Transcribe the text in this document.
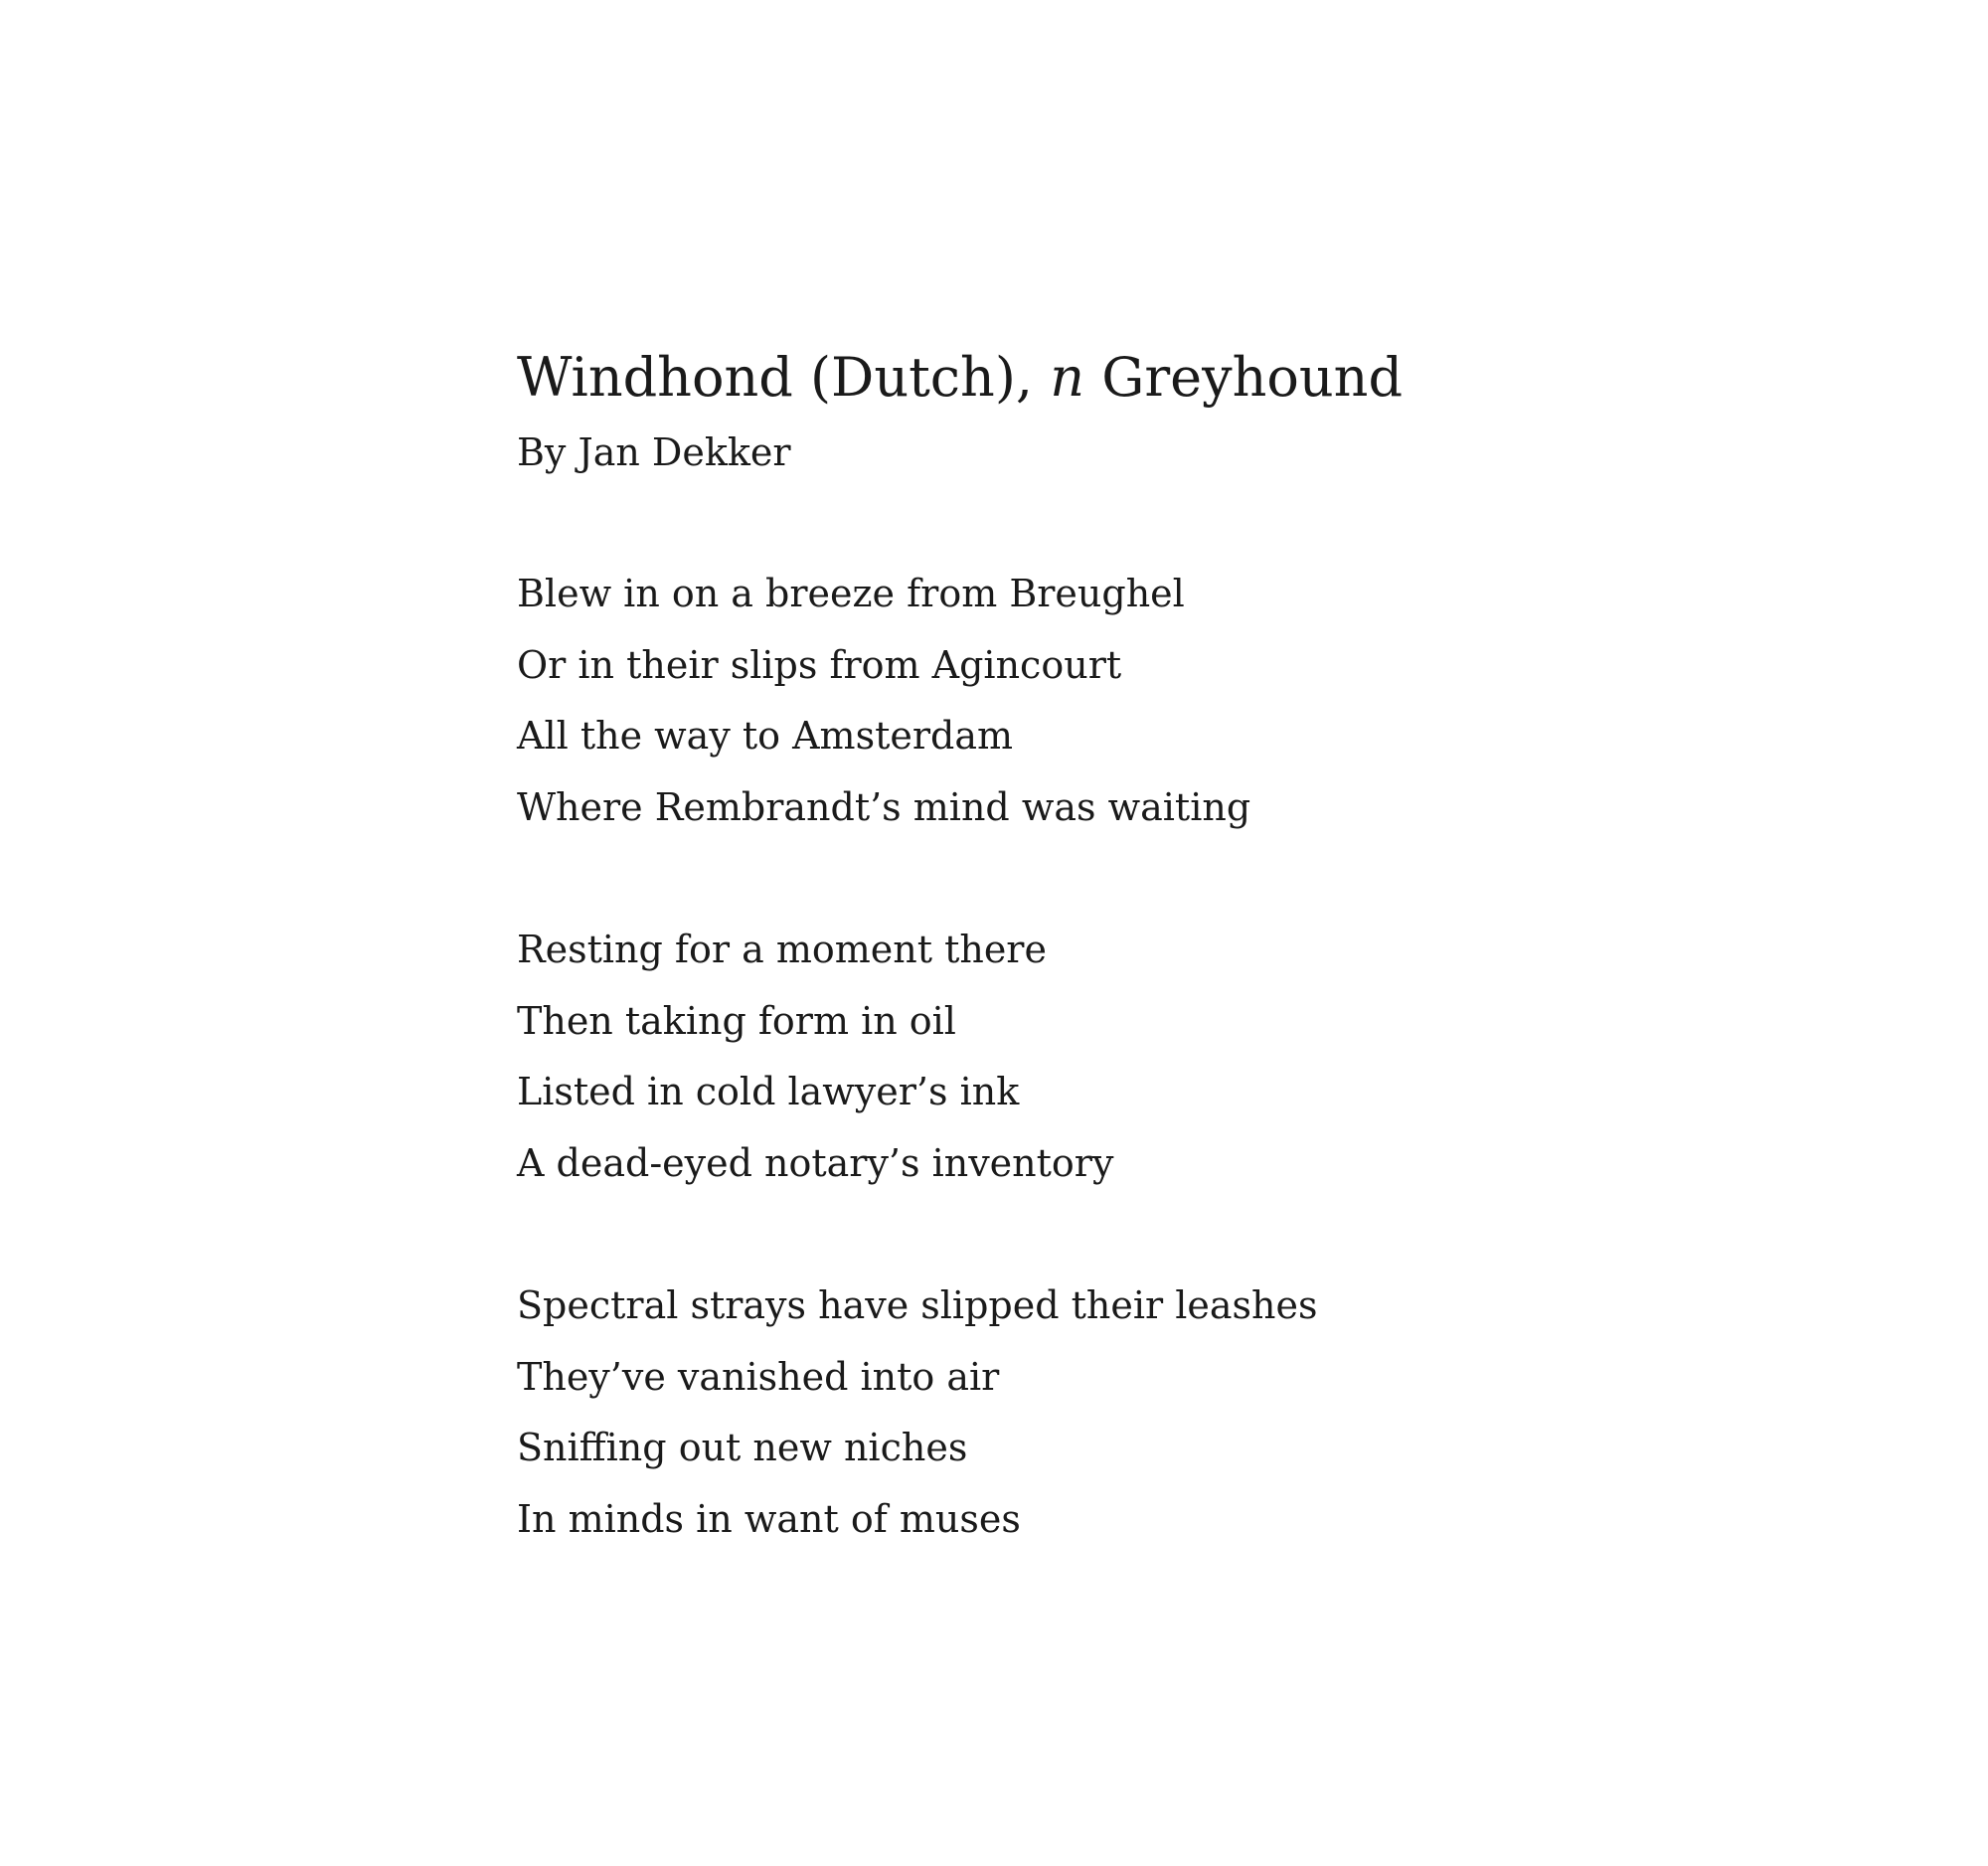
Windhond (Dutch), n Greyhound

By Jan Dekker

Blew in on a breeze from Breughel
Or in their slips from Agincourt
All the way to Amsterdam
Where Rembrandt’s mind was waiting
Resting for a moment there
Then taking form in oil
Listed in cold lawyer’s ink
A dead-eyed notary’s inventory
Spectral strays have slipped their leashes
They’ve vanished into air
Sniffing out new niches
In minds in want of muses
